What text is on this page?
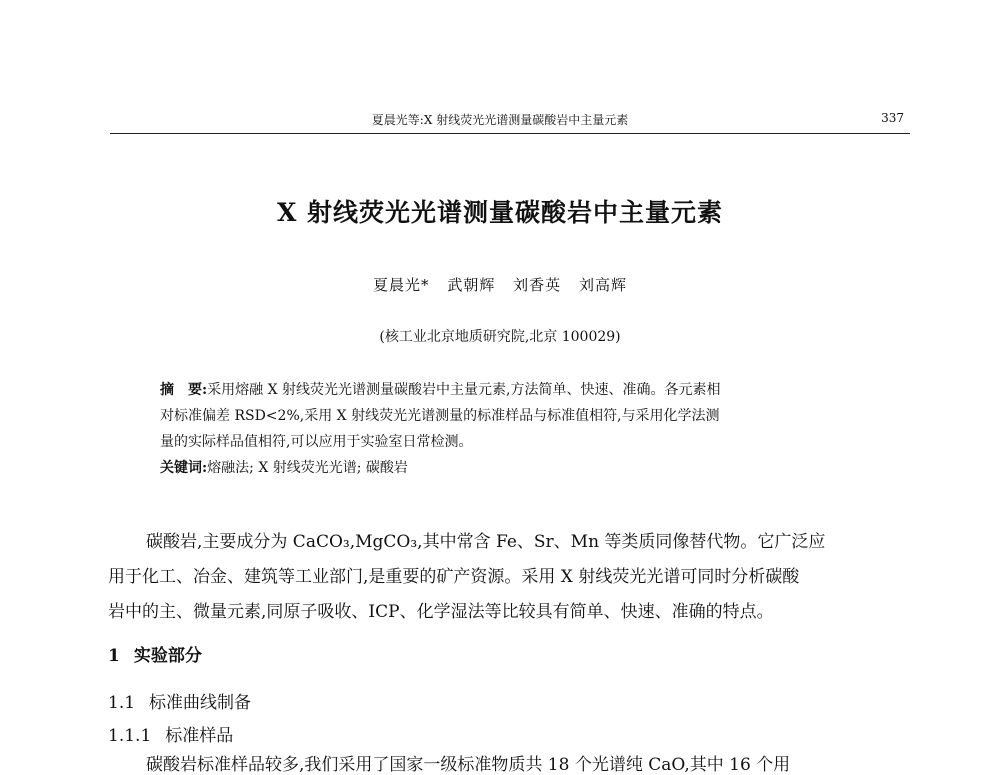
夏晨光等:X 射线荧光光谱测量碳酸岩中主量元素	337
X 射线荧光光谱测量碳酸岩中主量元素
夏晨光* 武朝辉 刘香英 刘高辉
(核工业北京地质研究院,北京 100029)
摘　要:采用熔融 X 射线荧光光谱测量碳酸岩中主量元素,方法简单、快速、准确。各元素相
对标准偏差 RSD<2%,采用 X 射线荧光光谱测量的标准样品与标准值相符,与采用化学法测
量的实际样品值相符,可以应用于实验室日常检测。
关键词:熔融法; X 射线荧光光谱; 碳酸岩
碳酸岩,主要成分为 CaCO₃,MgCO₃,其中常含 Fe、Sr、Mn 等类质同像替代物。它广泛应
用于化工、冶金、建筑等工业部门,是重要的矿产资源。采用 X 射线荧光光谱可同时分析碳酸
岩中的主、微量元素,同原子吸收、ICP、化学湿法等比较具有简单、快速、准确的特点。
1 实验部分
1.1 标准曲线制备
1.1.1 标准样品
碳酸岩标准样品较多,我们采用了国家一级标准物质共 18 个光谱纯 CaO,其中 16 个用
